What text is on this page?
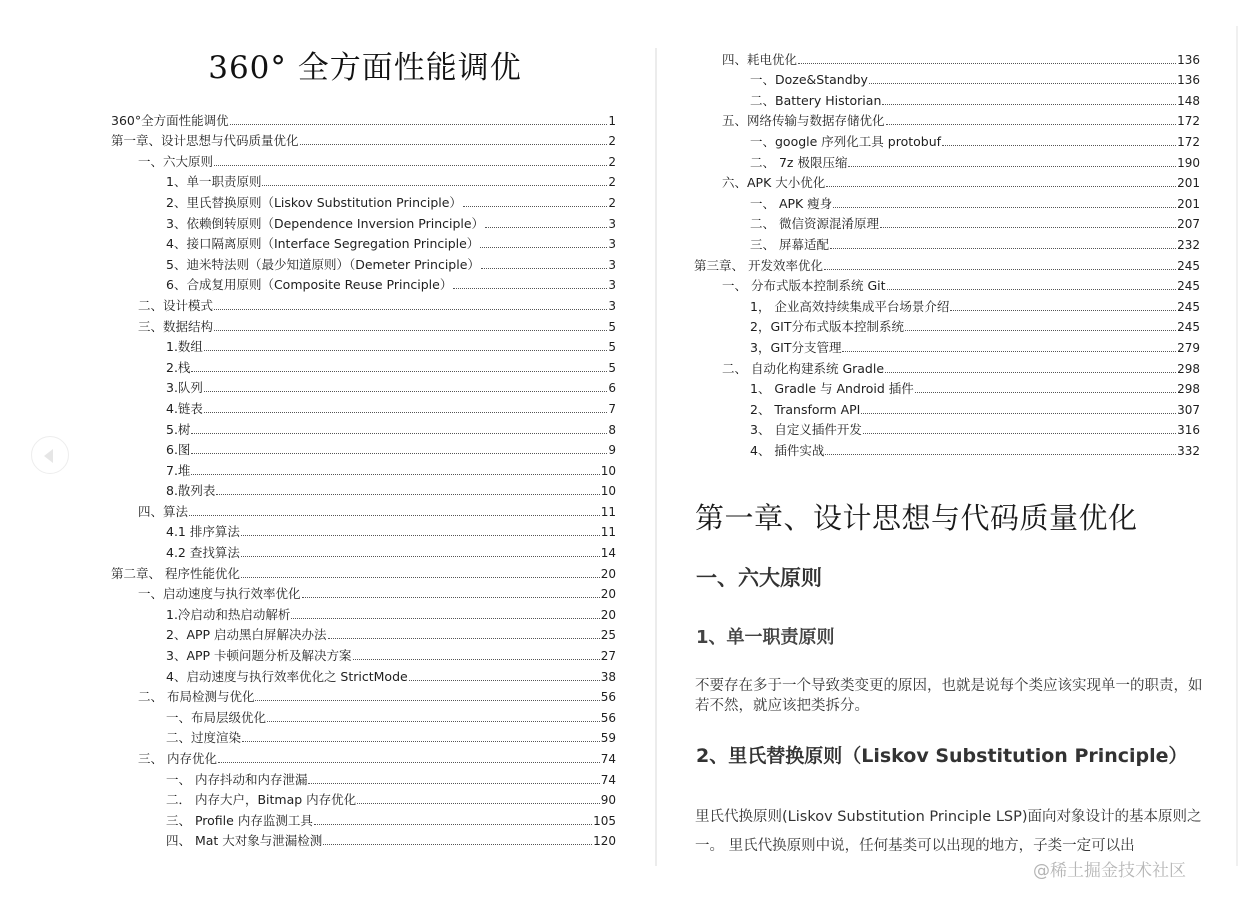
360° 全方面性能调优
360°全方面性能调优	1
第一章、设计思想与代码质量优化	2
一、六大原则	2
1、单一职责原则	2
2、里氏替换原则（Liskov Substitution Principle）	2
3、依赖倒转原则（Dependence Inversion Principle）	3
4、接口隔离原则（Interface Segregation Principle）	3
5、迪米特法则（最少知道原则）（Demeter Principle）	3
6、合成复用原则（Composite Reuse Principle）	3
二、设计模式	3
三、数据结构	5
1.数组	5
2.栈	5
3.队列	6
4.链表	7
5.树	8
6.图	9
7.堆	10
8.散列表	10
四、算法	11
4.1 排序算法	11
4.2 查找算法	14
第二章、 程序性能优化	20
一、启动速度与执行效率优化	20
1.冷启动和热启动解析	20
2、APP 启动黑白屏解决办法	25
3、APP 卡顿问题分析及解决方案	27
4、启动速度与执行效率优化之 StrictMode	38
二、 布局检测与优化	56
一、布局层级优化	56
二、过度渲染	59
三、 内存优化	74
一、 内存抖动和内存泄漏	74
二． 内存大户，Bitmap 内存优化	90
三、 Profile 内存监测工具	105
四、 Mat 大对象与泄漏检测	120
四、耗电优化	136
一、Doze&Standby	136
二、Battery Historian	148
五、网络传输与数据存储优化	172
一、google 序列化工具 protobuf	172
二、 7z 极限压缩	190
六、APK 大小优化	201
一、 APK 瘦身	201
二、 微信资源混淆原理	207
三、 屏幕适配	232
第三章、 开发效率优化	245
一、 分布式版本控制系统 Git	245
1， 企业高效持续集成平台场景介绍	245
2，GIT分布式版本控制系统	245
3，GIT分支管理	279
二、 自动化构建系统 Gradle	298
1、 Gradle 与 Android 插件	298
2、 Transform API	307
3、 自定义插件开发	316
4、 插件实战	332
第一章、设计思想与代码质量优化
一、六大原则
1、单一职责原则
不要存在多于一个导致类变更的原因，也就是说每个类应该实现单一的职责，如若不然，就应该把类拆分。
2、里氏替换原则（Liskov Substitution Principle）
里氏代换原则(Liskov Substitution Principle LSP)面向对象设计的基本原则之一。 里氏代换原则中说，任何基类可以出现的地方，子类一定可以出
@稀土掘金技术社区
